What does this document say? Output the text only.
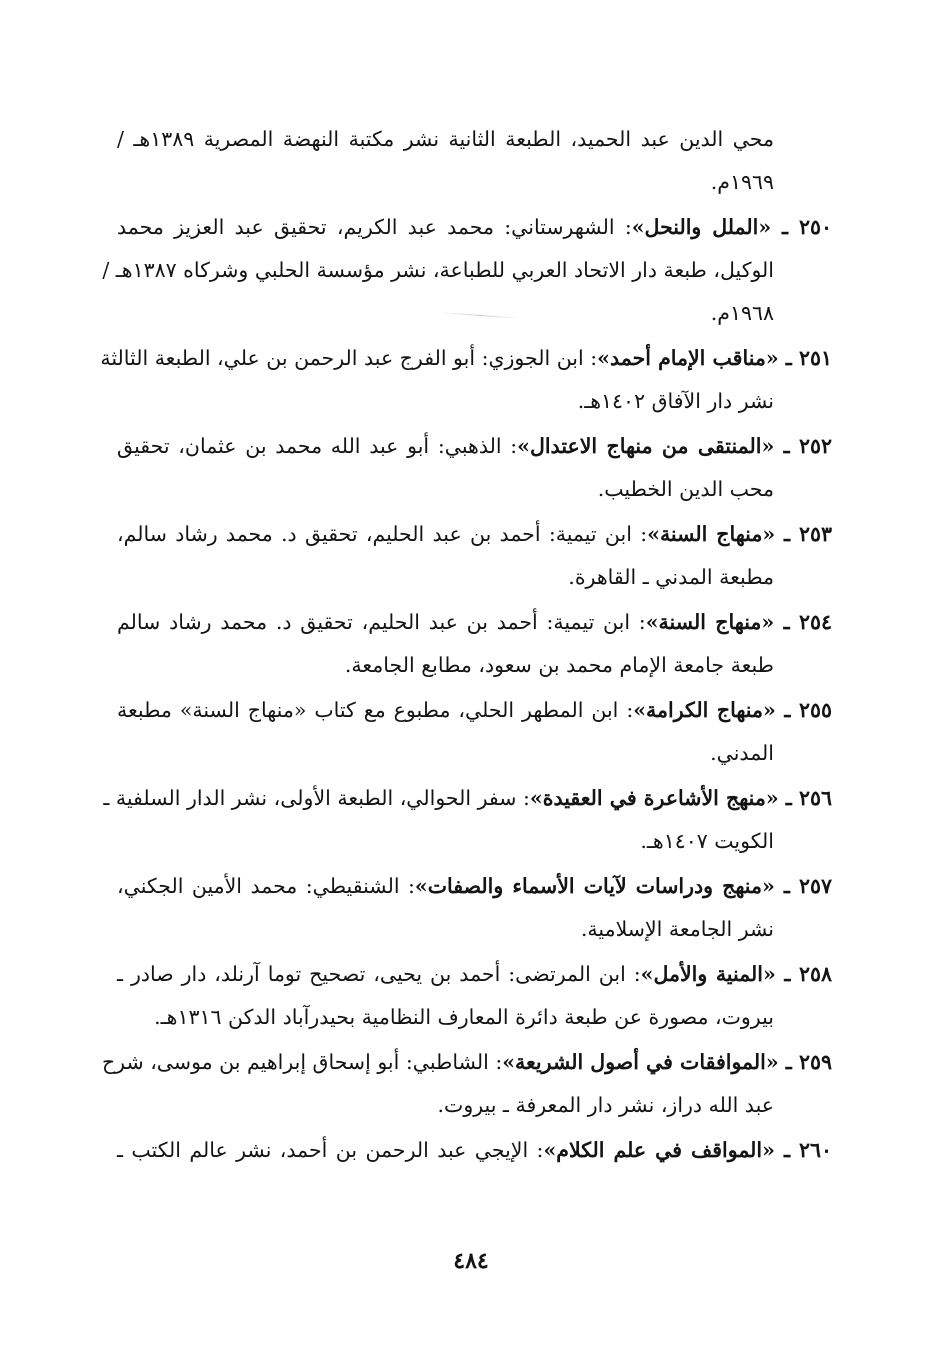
محي الدين عبد الحميد، الطبعة الثانية نشر مكتبة النهضة المصرية ١٣٨٩هـ /
١٩٦٩م.
٢٥٠ ـ «الملل والنحل»: الشهرستاني: محمد عبد الكريم، تحقيق عبد العزيز محمد
الوكيل، طبعة دار الاتحاد العربي للطباعة، نشر مؤسسة الحلبي وشركاه ١٣٨٧هـ /
١٩٦٨م.
٢٥١ ـ «مناقب الإمام أحمد»: ابن الجوزي: أبو الفرج عبد الرحمن بن علي، الطبعة الثالثة
نشر دار الآفاق ١٤٠٢هـ.
٢٥٢ ـ «المنتقى من منهاج الاعتدال»: الذهبي: أبو عبد الله محمد بن عثمان، تحقيق
محب الدين الخطيب.
٢٥٣ ـ «منهاج السنة»: ابن تيمية: أحمد بن عبد الحليم، تحقيق د. محمد رشاد سالم،
مطبعة المدني ـ القاهرة.
٢٥٤ ـ «منهاج السنة»: ابن تيمية: أحمد بن عبد الحليم، تحقيق د. محمد رشاد سالم
طبعة جامعة الإمام محمد بن سعود، مطابع الجامعة.
٢٥٥ ـ «منهاج الكرامة»: ابن المطهر الحلي، مطبوع مع كتاب «منهاج السنة» مطبعة
المدني.
٢٥٦ ـ «منهج الأشاعرة في العقيدة»: سفر الحوالي، الطبعة الأولى، نشر الدار السلفية ـ
الكويت ١٤٠٧هـ.
٢٥٧ ـ «منهج ودراسات لآيات الأسماء والصفات»: الشنقيطي: محمد الأمين الجكني،
نشر الجامعة الإسلامية.
٢٥٨ ـ «المنية والأمل»: ابن المرتضى: أحمد بن يحيى، تصحيح توما آرنلد، دار صادر ـ
بيروت، مصورة عن طبعة دائرة المعارف النظامية بحيدرآباد الدكن ١٣١٦هـ.
٢٥٩ ـ «الموافقات في أصول الشريعة»: الشاطبي: أبو إسحاق إبراهيم بن موسى، شرح
عبد الله دراز، نشر دار المعرفة ـ بيروت.
٢٦٠ ـ «المواقف في علم الكلام»: الإيجي عبد الرحمن بن أحمد، نشر عالم الكتب ـ
٤٨٤
